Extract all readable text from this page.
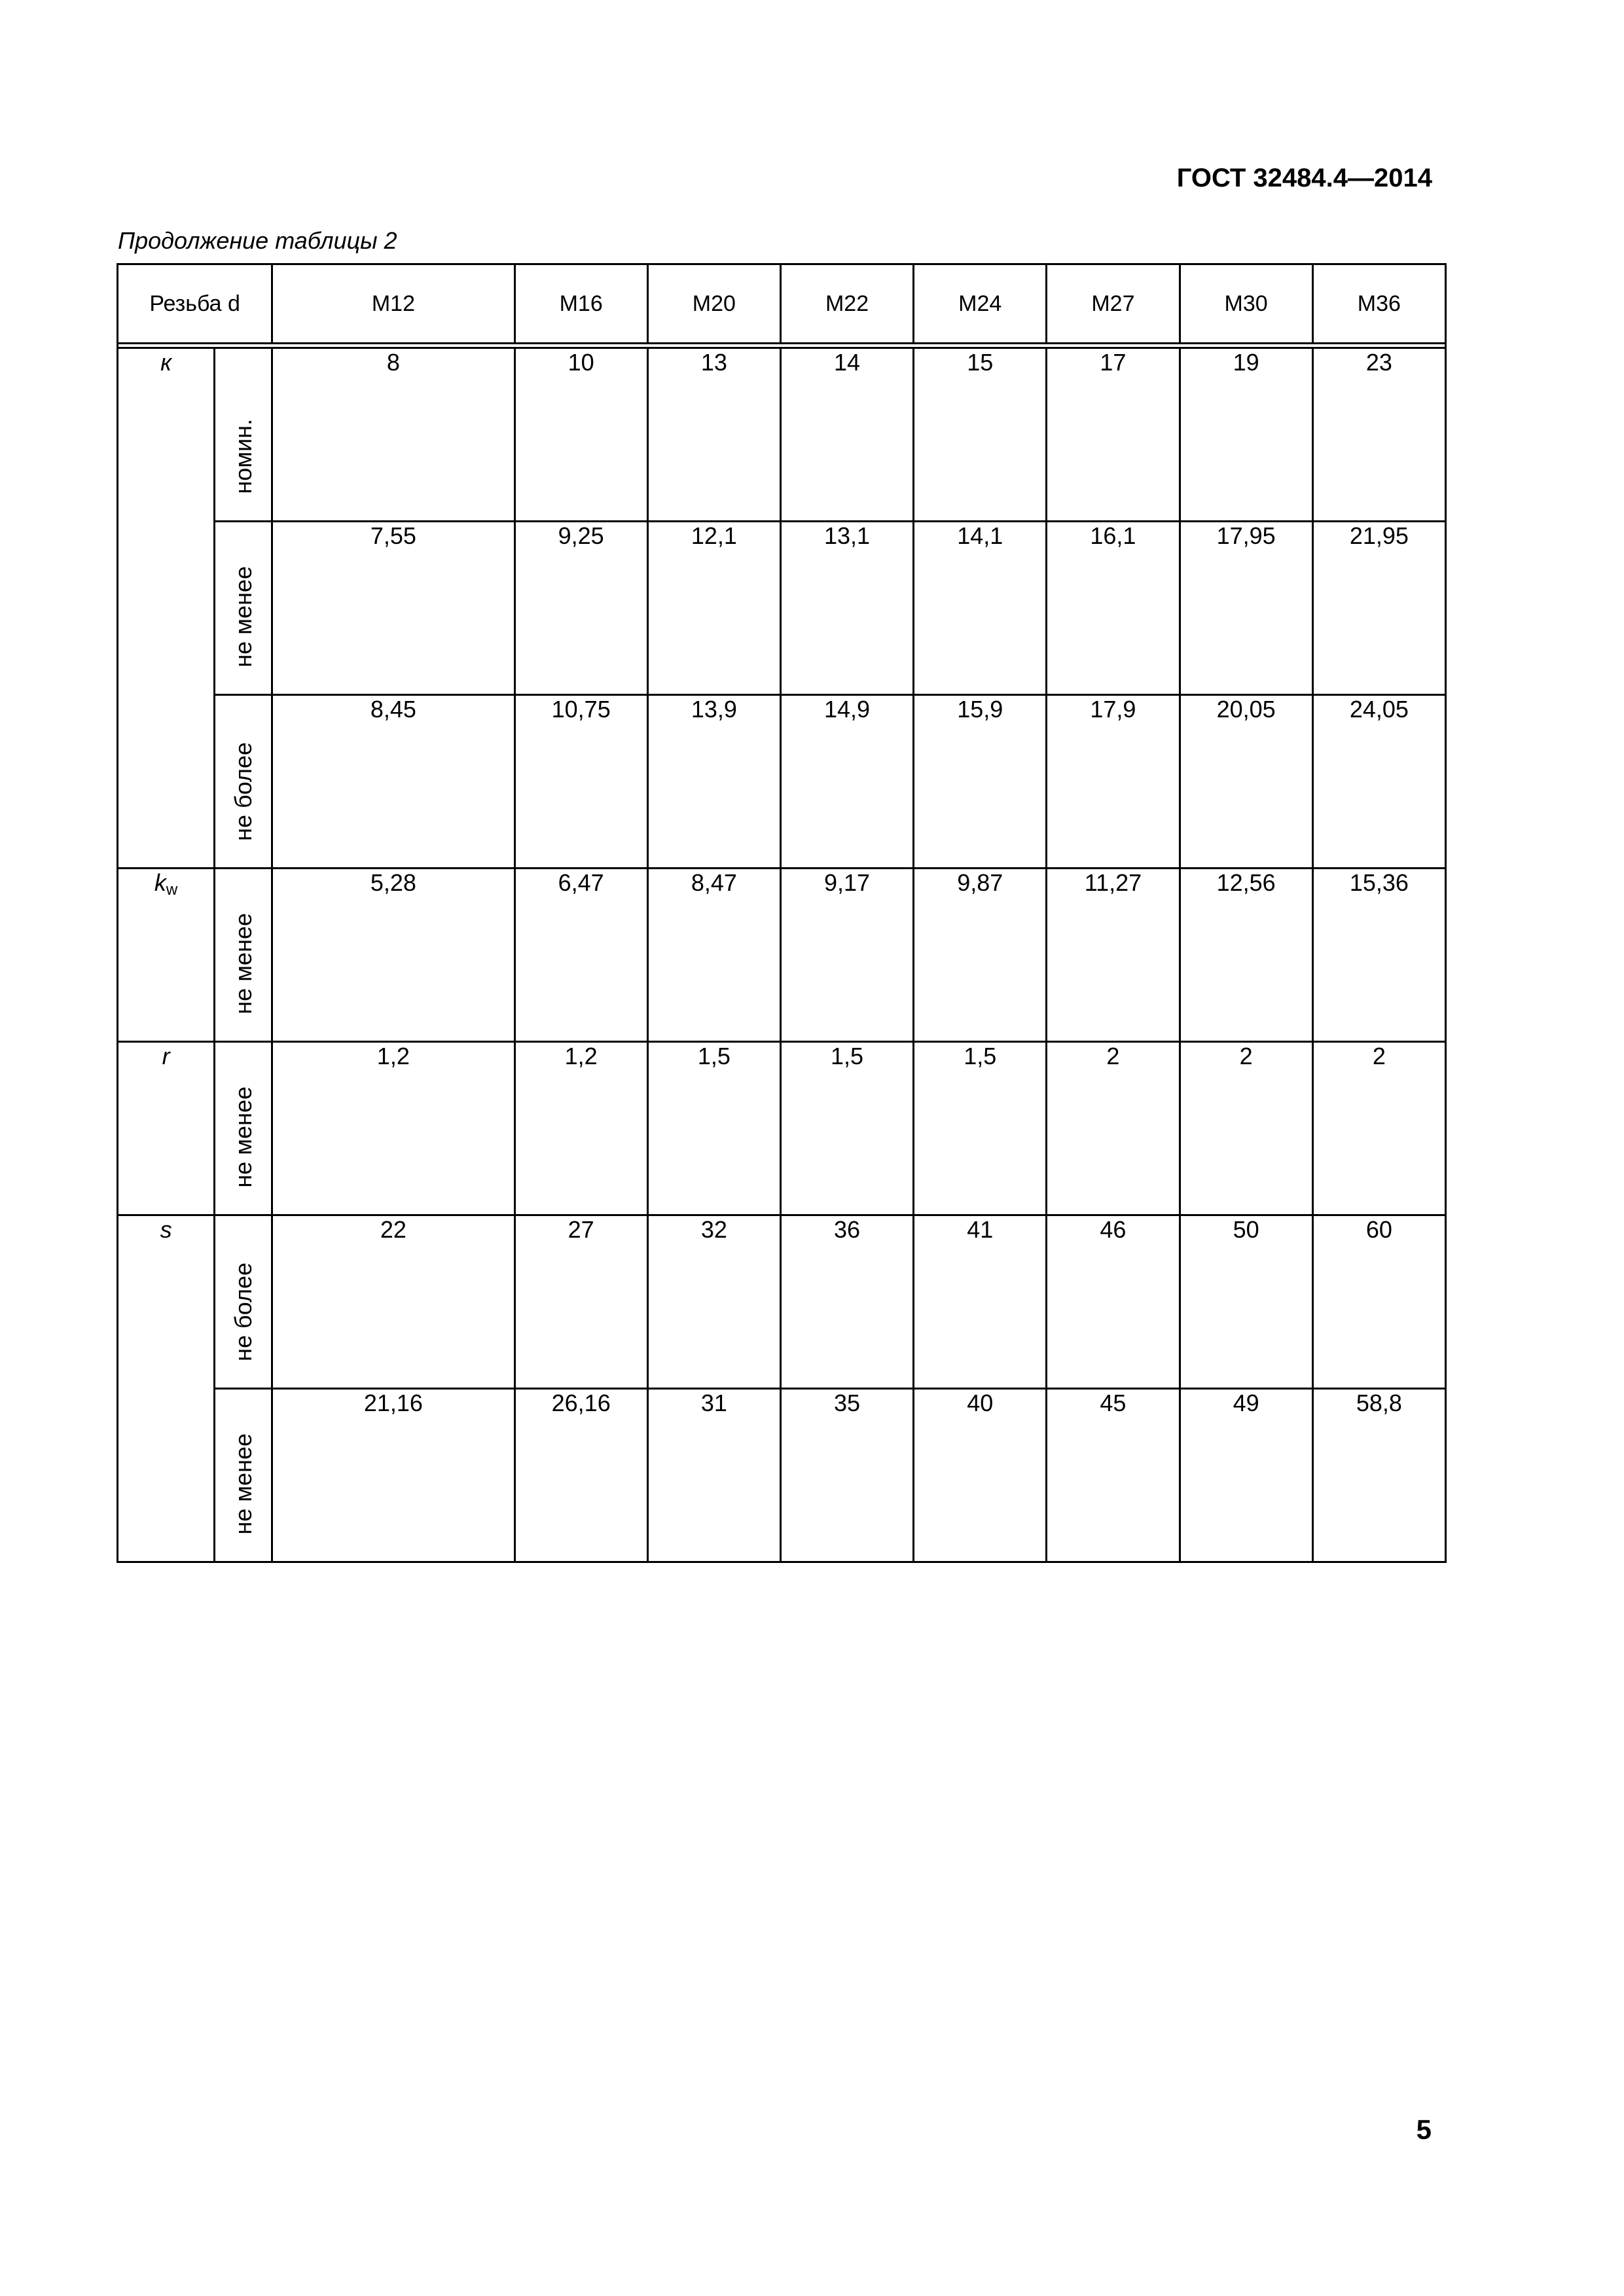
ГОСТ 32484.4—2014
Продолжение таблицы 2
Резьба d		М12	М16	М20	М22	М24	М27	М30	М36

к	номин.	8	10	13	14	15	17	19	23

	не менее	7,55	9,25	12,1	13,1	14,1	16,1	17,95	21,95

	не более	8,45	10,75	13,9	14,9	15,9	17,9	20,05	24,05
$k_w$	не менее	5,28	6,47	8,47	9,17	9,87	11,27	12,56	15,36
r	не менее	1,2	1,2	1,5	1,5	1,5	2	2	2
s	не более	22	27	32	36	41	46	50	60

	не менее	21,16	26,16	31	35	40	45	49	58,8
5
